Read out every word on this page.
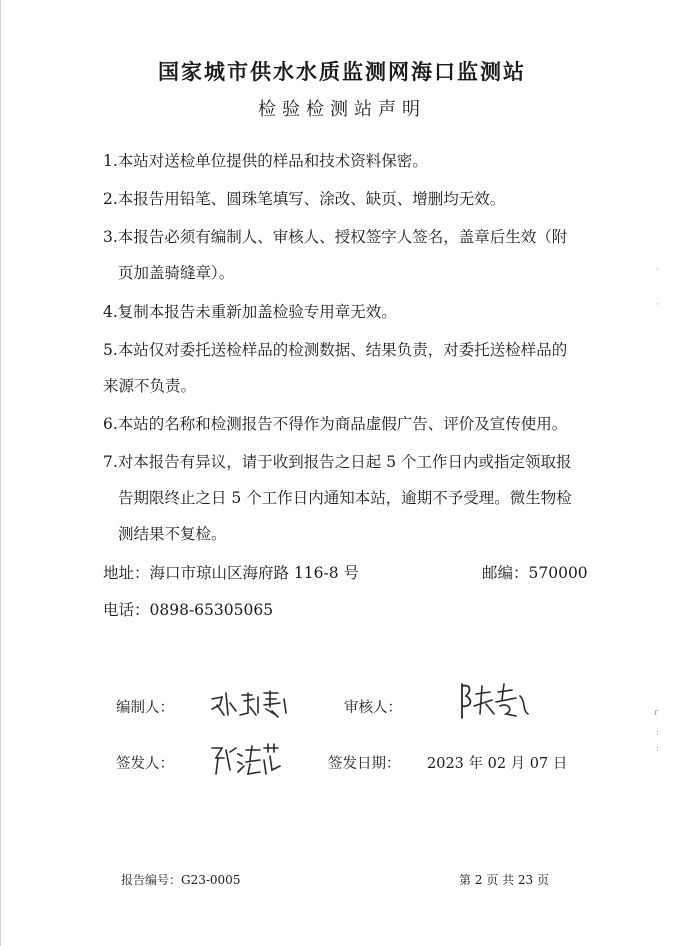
国家城市供水水质监测网海口监测站
检验检测站声明

1.本站对送检单位提供的样品和技术资料保密。

2.本报告用铅笔、圆珠笔填写、涂改、缺页、增删均无效。

3.本报告必须有编制人、审核人、授权签字人签名，盖章后生效（附
页加盖骑缝章）。

4.复制本报告未重新加盖检验专用章无效。

5.本站仅对委托送检样品的检测数据、结果负责，对委托送检样品的
来源不负责。

6.本站的名称和检测报告不得作为商品虚假广告、评价及宣传使用。

7.对本报告有异议，请于收到报告之日起 5 个工作日内或指定领取报
告期限终止之日 5 个工作日内通知本站，逾期不予受理。微生物检
测结果不复检。

地址：海口市琼山区海府路 116-8 号	邮编：570000
电话：0898-65305065
编制人：	审核人：
签发人：	签发日期： 2023 年 02 月 07 日
报告编号：G23-0005	第 2 页 共 23 页
·
·
ɾ
:
:
